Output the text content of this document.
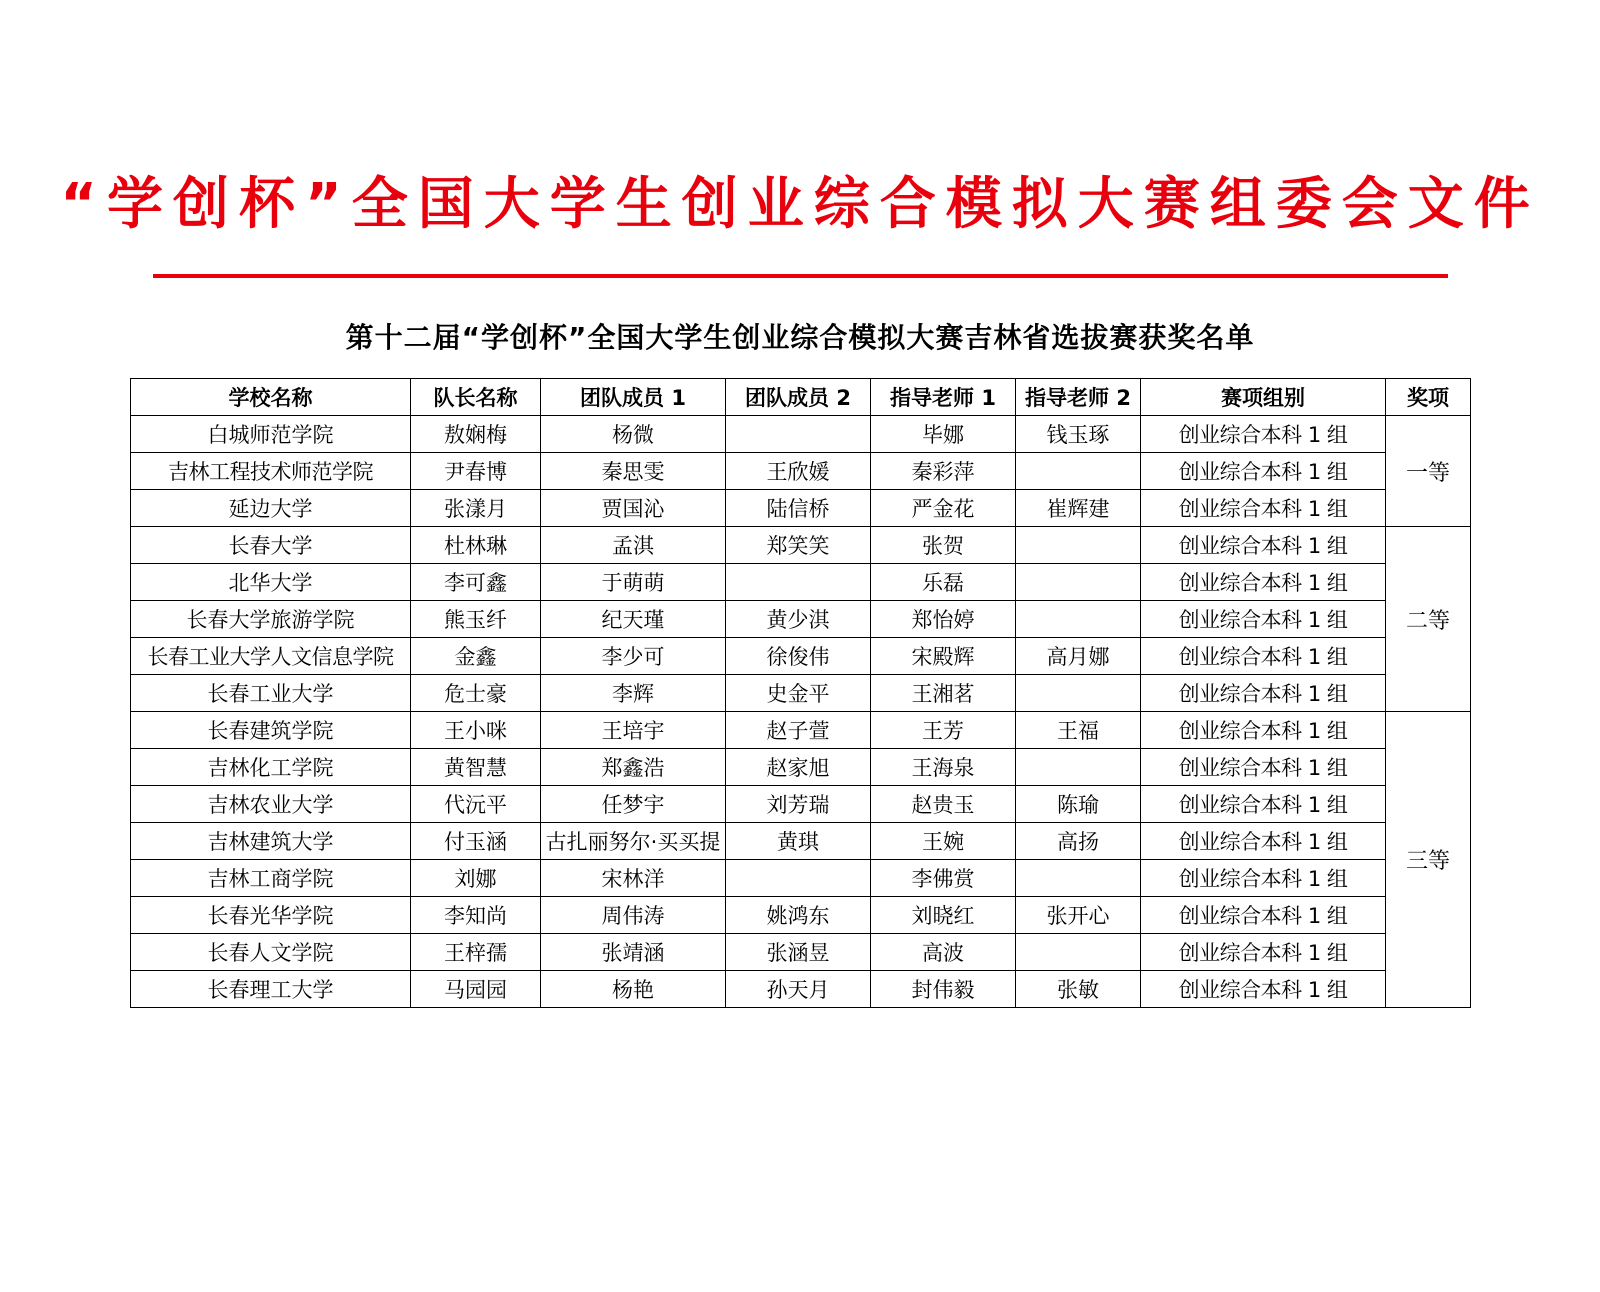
“学创杯”全国大学生创业综合模拟大赛组委会文件
第十二届“学创杯”全国大学生创业综合模拟大赛吉林省选拔赛获奖名单
学校名称	队长名称	团队成员 1	团队成员 2	指导老师 1	指导老师 2	赛项组别	奖项
白城师范学院	敖娴梅	杨微		毕娜	钱玉琢	创业综合本科 1 组	一等
吉林工程技术师范学院	尹春博	秦思雯	王欣媛	秦彩萍		创业综合本科 1 组	
延边大学	张漾月	贾国沁	陆信桥	严金花	崔辉建	创业综合本科 1 组	
长春大学	杜林琳	孟淇	郑笑笑	张贺		创业综合本科 1 组	二等
北华大学	李可鑫	于萌萌		乐磊		创业综合本科 1 组	
长春大学旅游学院	熊玉纤	纪天瑾	黄少淇	郑怡婷		创业综合本科 1 组	
长春工业大学人文信息学院	金鑫	李少可	徐俊伟	宋殿辉	高月娜	创业综合本科 1 组	
长春工业大学	危士豪	李辉	史金平	王湘茗		创业综合本科 1 组	
长春建筑学院	王小咪	王培宇	赵子萱	王芳	王福	创业综合本科 1 组	三等
吉林化工学院	黄智慧	郑鑫浩	赵家旭	王海泉		创业综合本科 1 组	
吉林农业大学	代沅平	任梦宇	刘芳瑞	赵贵玉	陈瑜	创业综合本科 1 组	
吉林建筑大学	付玉涵	古扎丽努尔·买买提	黄琪	王婉	高扬	创业综合本科 1 组	
吉林工商学院	刘娜	宋林洋		李佛赏		创业综合本科 1 组	
长春光华学院	李知尚	周伟涛	姚鸿东	刘晓红	张开心	创业综合本科 1 组	
长春人文学院	王梓孺	张靖涵	张涵昱	高波		创业综合本科 1 组	
长春理工大学	马园园	杨艳	孙天月	封伟毅	张敏	创业综合本科 1 组	
